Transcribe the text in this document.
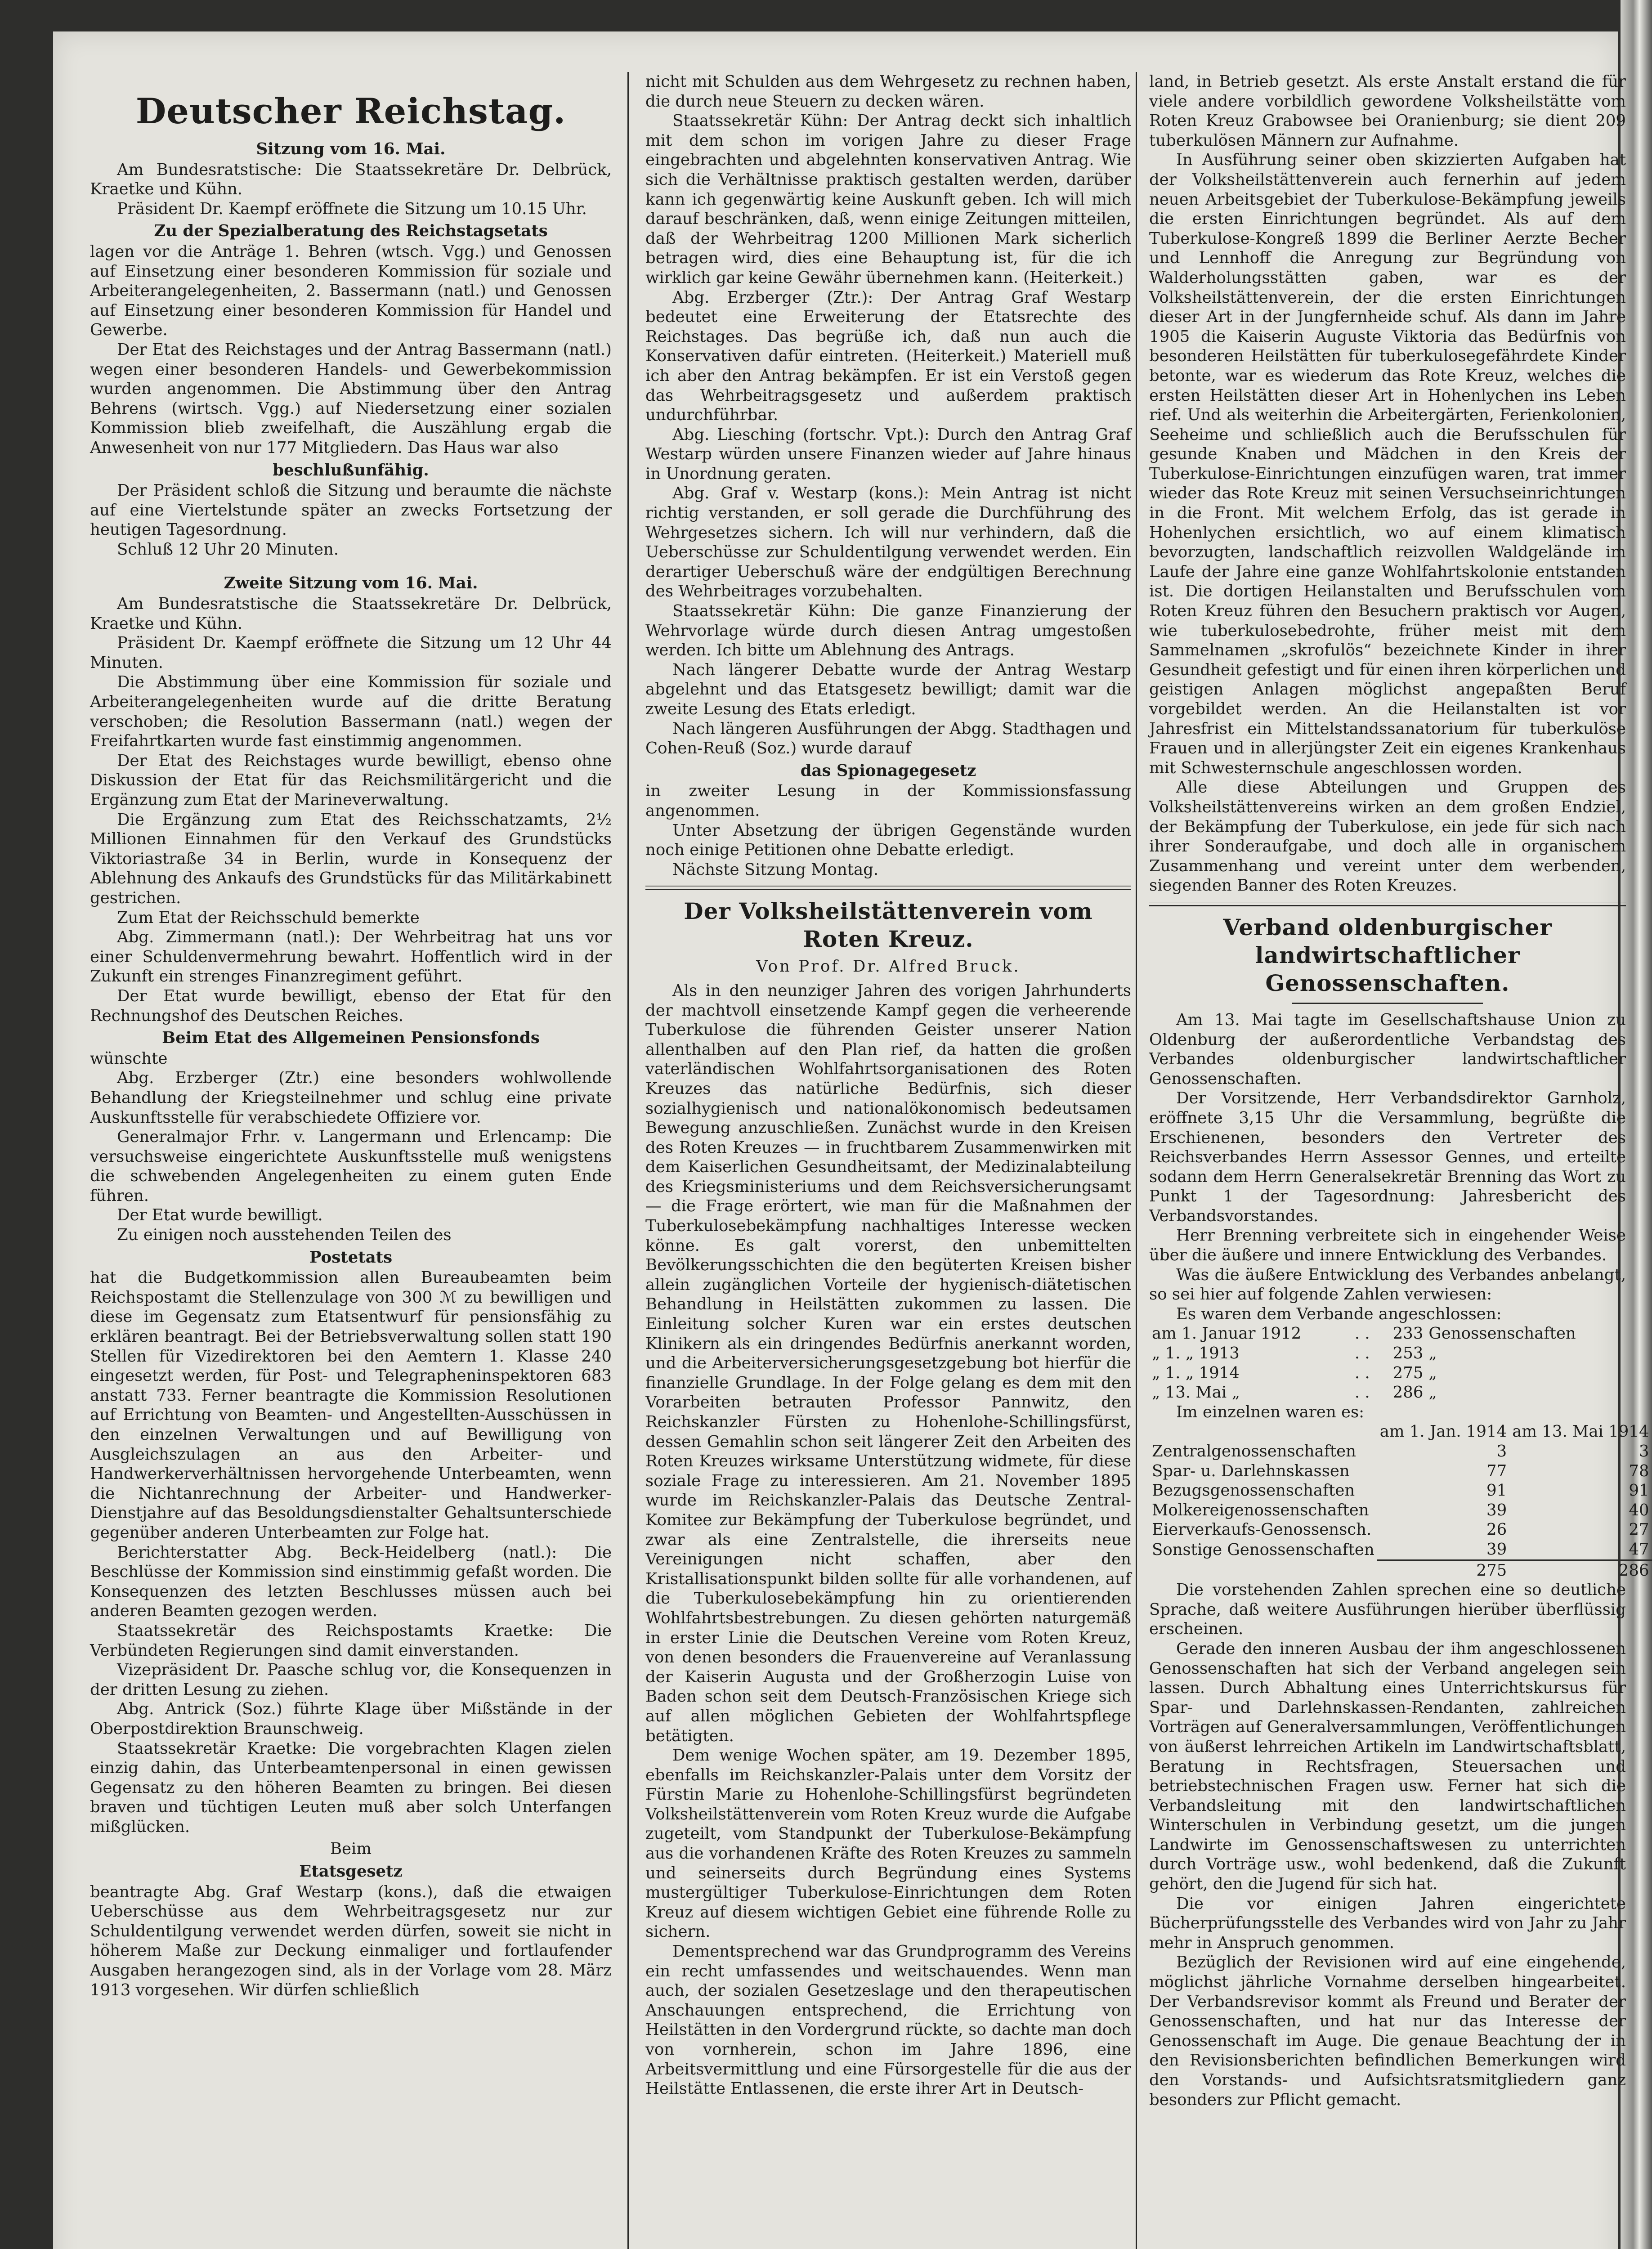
Deutscher Reichstag.

Sitzung vom 16. Mai.

Am Bundesratstische: Die Staatssekretäre Dr. Delbrück, Kraetke und Kühn.

Präsident Dr. Kaempf eröffnete die Sitzung um 10.15 Uhr.

Zu der Spezialberatung des Reichstagsetats

lagen vor die Anträge 1. Behren (wtsch. Vgg.) und Genossen auf Einsetzung einer besonderen Kommission für soziale und Arbeiterangelegenheiten, 2. Bassermann (natl.) und Genossen auf Einsetzung einer besonderen Kommission für Handel und Gewerbe.

Der Etat des Reichstages und der Antrag Bassermann (natl.) wegen einer besonderen Handels- und Gewerbekommission wurden angenommen. Die Abstimmung über den Antrag Behrens (wirtsch. Vgg.) auf Niedersetzung einer sozialen Kommission blieb zweifelhaft, die Auszählung ergab die Anwesenheit von nur 177 Mitgliedern. Das Haus war also

beschlußunfähig.

Der Präsident schloß die Sitzung und beraumte die nächste auf eine Viertelstunde später an zwecks Fortsetzung der heutigen Tagesordnung.

Schluß 12 Uhr 20 Minuten.

Zweite Sitzung vom 16. Mai.

Am Bundesratstische die Staatssekretäre Dr. Delbrück, Kraetke und Kühn.

Präsident Dr. Kaempf eröffnete die Sitzung um 12 Uhr 44 Minuten.

Die Abstimmung über eine Kommission für soziale und Arbeiterangelegenheiten wurde auf die dritte Beratung verschoben; die Resolution Bassermann (natl.) wegen der Freifahrtkarten wurde fast einstimmig angenommen.

Der Etat des Reichstages wurde bewilligt, ebenso ohne Diskussion der Etat für das Reichsmilitärgericht und die Ergänzung zum Etat der Marineverwaltung.

Die Ergänzung zum Etat des Reichsschatzamts, 2½ Millionen Einnahmen für den Verkauf des Grundstücks Viktoriastraße 34 in Berlin, wurde in Konsequenz der Ablehnung des Ankaufs des Grundstücks für das Militärkabinett gestrichen.

Zum Etat der Reichsschuld bemerkte

Abg. Zimmermann (natl.): Der Wehrbeitrag hat uns vor einer Schuldenvermehrung bewahrt. Hoffentlich wird in der Zukunft ein strenges Finanzregiment geführt.

Der Etat wurde bewilligt, ebenso der Etat für den Rechnungshof des Deutschen Reiches.

Beim Etat des Allgemeinen Pensionsfonds

wünschte

Abg. Erzberger (Ztr.) eine besonders wohlwollende Behandlung der Kriegsteilnehmer und schlug eine private Auskunftsstelle für verabschiedete Offiziere vor.

Generalmajor Frhr. v. Langermann und Erlencamp: Die versuchsweise eingerichtete Auskunftsstelle muß wenigstens die schwebenden Angelegenheiten zu einem guten Ende führen.

Der Etat wurde bewilligt.

Zu einigen noch ausstehenden Teilen des

Postetats

hat die Budgetkommission allen Bureaubeamten beim Reichspostamt die Stellenzulage von 300 ℳ zu bewilligen und diese im Gegensatz zum Etatsentwurf für pensionsfähig zu erklären beantragt. Bei der Betriebsverwaltung sollen statt 190 Stellen für Vizedirektoren bei den Aemtern 1. Klasse 240 eingesetzt werden, für Post- und Telegrapheninspektoren 683 anstatt 733. Ferner beantragte die Kommission Resolutionen auf Errichtung von Beamten- und Angestellten-Ausschüssen in den einzelnen Verwaltungen und auf Bewilligung von Ausgleichszulagen an aus den Arbeiter- und Handwerkerverhältnissen hervorgehende Unterbeamten, wenn die Nichtanrechnung der Arbeiter- und Handwerker-Dienstjahre auf das Besoldungsdienstalter Gehaltsunterschiede gegenüber anderen Unterbeamten zur Folge hat.

Berichterstatter Abg. Beck-Heidelberg (natl.): Die Beschlüsse der Kommission sind einstimmig gefaßt worden. Die Konsequenzen des letzten Beschlusses müssen auch bei anderen Beamten gezogen werden.

Staatssekretär des Reichspostamts Kraetke: Die Verbündeten Regierungen sind damit einverstanden.

Vizepräsident Dr. Paasche schlug vor, die Konsequenzen in der dritten Lesung zu ziehen.

Abg. Antrick (Soz.) führte Klage über Mißstände in der Oberpostdirektion Braunschweig.

Staatssekretär Kraetke: Die vorgebrachten Klagen zielen einzig dahin, das Unterbeamtenpersonal in einen gewissen Gegensatz zu den höheren Beamten zu bringen. Bei diesen braven und tüchtigen Leuten muß aber solch Unterfangen mißglücken.

Beim

Etatsgesetz

beantragte Abg. Graf Westarp (kons.), daß die etwaigen Ueberschüsse aus dem Wehrbeitragsgesetz nur zur Schuldentilgung verwendet werden dürfen, soweit sie nicht in höherem Maße zur Deckung einmaliger und fortlaufender Ausgaben herangezogen sind, als in der Vorlage vom 28. März 1913 vorgesehen. Wir dürfen schließlich

nicht mit Schulden aus dem Wehrgesetz zu rechnen haben, die durch neue Steuern zu decken wären.

Staatssekretär Kühn: Der Antrag deckt sich inhaltlich mit dem schon im vorigen Jahre zu dieser Frage eingebrachten und abgelehnten konservativen Antrag. Wie sich die Verhältnisse praktisch gestalten werden, darüber kann ich gegenwärtig keine Auskunft geben. Ich will mich darauf beschränken, daß, wenn einige Zeitungen mitteilen, daß der Wehrbeitrag 1200 Millionen Mark sicherlich betragen wird, dies eine Behauptung ist, für die ich wirklich gar keine Gewähr übernehmen kann. (Heiterkeit.)

Abg. Erzberger (Ztr.): Der Antrag Graf Westarp bedeutet eine Erweiterung der Etatsrechte des Reichstages. Das begrüße ich, daß nun auch die Konservativen dafür eintreten. (Heiterkeit.) Materiell muß ich aber den Antrag bekämpfen. Er ist ein Verstoß gegen das Wehrbeitragsgesetz und außerdem praktisch undurchführbar.

Abg. Liesching (fortschr. Vpt.): Durch den Antrag Graf Westarp würden unsere Finanzen wieder auf Jahre hinaus in Unordnung geraten.

Abg. Graf v. Westarp (kons.): Mein Antrag ist nicht richtig verstanden, er soll gerade die Durchführung des Wehrgesetzes sichern. Ich will nur verhindern, daß die Ueberschüsse zur Schuldentilgung verwendet werden. Ein derartiger Ueberschuß wäre der endgültigen Berechnung des Wehrbeitrages vorzubehalten.

Staatssekretär Kühn: Die ganze Finanzierung der Wehrvorlage würde durch diesen Antrag umgestoßen werden. Ich bitte um Ablehnung des Antrags.

Nach längerer Debatte wurde der Antrag Westarp abgelehnt und das Etatsgesetz bewilligt; damit war die zweite Lesung des Etats erledigt.

Nach längeren Ausführungen der Abgg. Stadthagen und Cohen-Reuß (Soz.) wurde darauf

das Spionagegesetz

in zweiter Lesung in der Kommissionsfassung angenommen.

Unter Absetzung der übrigen Gegenstände wurden noch einige Petitionen ohne Debatte erledigt.

Nächste Sitzung Montag.

Der Volksheilstättenverein vom Roten Kreuz.

Von Prof. Dr. Alfred Bruck.

Als in den neunziger Jahren des vorigen Jahrhunderts der machtvoll einsetzende Kampf gegen die verheerende Tuberkulose die führenden Geister unserer Nation allenthalben auf den Plan rief, da hatten die großen vaterländischen Wohlfahrtsorganisationen des Roten Kreuzes das natürliche Bedürfnis, sich dieser sozialhygienisch und nationalökonomisch bedeutsamen Bewegung anzuschließen. Zunächst wurde in den Kreisen des Roten Kreuzes — in fruchtbarem Zusammenwirken mit dem Kaiserlichen Gesundheitsamt, der Medizinalabteilung des Kriegsministeriums und dem Reichsversicherungsamt — die Frage erörtert, wie man für die Maßnahmen der Tuberkulosebekämpfung nachhaltiges Interesse wecken könne. Es galt vorerst, den unbemittelten Bevölkerungsschichten die den begüterten Kreisen bisher allein zugänglichen Vorteile der hygienisch-diätetischen Behandlung in Heilstätten zukommen zu lassen. Die Einleitung solcher Kuren war ein erstes deutschen Klinikern als ein dringendes Bedürfnis anerkannt worden, und die Arbeiterversicherungsgesetzgebung bot hierfür die finanzielle Grundlage. In der Folge gelang es dem mit den Vorarbeiten betrauten Professor Pannwitz, den Reichskanzler Fürsten zu Hohenlohe-Schillingsfürst, dessen Gemahlin schon seit längerer Zeit den Arbeiten des Roten Kreuzes wirksame Unterstützung widmete, für diese soziale Frage zu interessieren. Am 21. November 1895 wurde im Reichskanzler-Palais das Deutsche Zentral-Komitee zur Bekämpfung der Tuberkulose begründet, und zwar als eine Zentralstelle, die ihrerseits neue Vereinigungen nicht schaffen, aber den Kristallisationspunkt bilden sollte für alle vorhandenen, auf die Tuberkulosebekämpfung hin zu orientierenden Wohlfahrtsbestrebungen. Zu diesen gehörten naturgemäß in erster Linie die Deutschen Vereine vom Roten Kreuz, von denen besonders die Frauenvereine auf Veranlassung der Kaiserin Augusta und der Großherzogin Luise von Baden schon seit dem Deutsch-Französischen Kriege sich auf allen möglichen Gebieten der Wohlfahrtspflege betätigten.

Dem wenige Wochen später, am 19. Dezember 1895, ebenfalls im Reichskanzler-Palais unter dem Vorsitz der Fürstin Marie zu Hohenlohe-Schillingsfürst begründeten Volksheilstättenverein vom Roten Kreuz wurde die Aufgabe zugeteilt, vom Standpunkt der Tuberkulose-Bekämpfung aus die vorhandenen Kräfte des Roten Kreuzes zu sammeln und seinerseits durch Begründung eines Systems mustergültiger Tuberkulose-Einrichtungen dem Roten Kreuz auf diesem wichtigen Gebiet eine führende Rolle zu sichern.

Dementsprechend war das Grundprogramm des Vereins ein recht umfassendes und weitschauendes. Wenn man auch, der sozialen Gesetzeslage und den therapeutischen Anschauungen entsprechend, die Errichtung von Heilstätten in den Vordergrund rückte, so dachte man doch von vornherein, schon im Jahre 1896, eine Arbeitsvermittlung und eine Fürsorgestelle für die aus der Heilstätte Entlassenen, die erste ihrer Art in Deutsch-

land, in Betrieb gesetzt. Als erste Anstalt erstand die für viele andere vorbildlich gewordene Volksheilstätte vom Roten Kreuz Grabowsee bei Oranienburg; sie dient 209 tuberkulösen Männern zur Aufnahme.

In Ausführung seiner oben skizzierten Aufgaben hat der Volksheilstättenverein auch fernerhin auf jedem neuen Arbeitsgebiet der Tuberkulose-Bekämpfung jeweils die ersten Einrichtungen begründet. Als auf dem Tuberkulose-Kongreß 1899 die Berliner Aerzte Becher und Lennhoff die Anregung zur Begründung von Walderholungsstätten gaben, war es der Volksheilstättenverein, der die ersten Einrichtungen dieser Art in der Jungfernheide schuf. Als dann im Jahre 1905 die Kaiserin Auguste Viktoria das Bedürfnis von besonderen Heilstätten für tuberkulosegefährdete Kinder betonte, war es wiederum das Rote Kreuz, welches die ersten Heilstätten dieser Art in Hohenlychen ins Leben rief. Und als weiterhin die Arbeitergärten, Ferienkolonien, Seeheime und schließlich auch die Berufsschulen für gesunde Knaben und Mädchen in den Kreis der Tuberkulose-Einrichtungen einzufügen waren, trat immer wieder das Rote Kreuz mit seinen Versuchseinrichtungen in die Front. Mit welchem Erfolg, das ist gerade in Hohenlychen ersichtlich, wo auf einem klimatisch bevorzugten, landschaftlich reizvollen Waldgelände im Laufe der Jahre eine ganze Wohlfahrtskolonie entstanden ist. Die dortigen Heilanstalten und Berufsschulen vom Roten Kreuz führen den Besuchern praktisch vor Augen, wie tuberkulosebedrohte, früher meist mit dem Sammelnamen „skrofulös“ bezeichnete Kinder in ihrer Gesundheit gefestigt und für einen ihren körperlichen und geistigen Anlagen möglichst angepaßten Beruf vorgebildet werden. An die Heilanstalten ist vor Jahresfrist ein Mittelstandssanatorium für tuberkulöse Frauen und in allerjüngster Zeit ein eigenes Krankenhaus mit Schwesternschule angeschlossen worden.

Alle diese Abteilungen und Gruppen des Volksheilstättenvereins wirken an dem großen Endziel, der Bekämpfung der Tuberkulose, ein jede für sich nach ihrer Sonderaufgabe, und doch alle in organischem Zusammenhang und vereint unter dem werbenden, siegenden Banner des Roten Kreuzes.

Verband oldenburgischer landwirtschaftlicher Genossenschaften.

Am 13. Mai tagte im Gesellschaftshause Union zu Oldenburg der außerordentliche Verbandstag des Verbandes oldenburgischer landwirtschaftlicher Genossenschaften.

Der Vorsitzende, Herr Verbandsdirektor Garnholz, eröffnete 3,15 Uhr die Versammlung, begrüßte die Erschienenen, besonders den Vertreter des Reichsverbandes Herrn Assessor Gennes, und erteilte sodann dem Herrn Generalsekretär Brenning das Wort zu Punkt 1 der Tagesordnung: Jahresbericht des Verbandsvorstandes.

Herr Brenning verbreitete sich in eingehender Weise über die äußere und innere Entwicklung des Verbandes.

Was die äußere Entwicklung des Verbandes anbelangt, so sei hier auf folgende Zahlen verwiesen:

Es waren dem Verbande angeschlossen:

am 1. Januar 1912	. .	233	Genossenschaften
„ 1. „ 1913	. .	253	„
„ 1. „ 1914	. .	275	„
„ 13. Mai „	. .	286	„

Im einzelnen waren es:

	am 1. Jan. 1914	am 13. Mai 1914
Zentralgenossenschaften	3	3
Spar- u. Darlehnskassen	77	78
Bezugsgenossenschaften	91	91
Molkereigenossenschaften	39	40
Eierverkaufs-Genossensch.	26	27
Sonstige Genossenschaften	39	47
	275	286

Die vorstehenden Zahlen sprechen eine so deutliche Sprache, daß weitere Ausführungen hierüber überflüssig erscheinen.

Gerade den inneren Ausbau der ihm angeschlossenen Genossenschaften hat sich der Verband angelegen sein lassen. Durch Abhaltung eines Unterrichtskursus für Spar- und Darlehnskassen-Rendanten, zahlreichen Vorträgen auf Generalversammlungen, Veröffentlichungen von äußerst lehrreichen Artikeln im Landwirtschaftsblatt, Beratung in Rechtsfragen, Steuersachen und betriebstechnischen Fragen usw. Ferner hat sich die Verbandsleitung mit den landwirtschaftlichen Winterschulen in Verbindung gesetzt, um die jungen Landwirte im Genossenschaftswesen zu unterrichten durch Vorträge usw., wohl bedenkend, daß die Zukunft gehört, den die Jugend für sich hat.

Die vor einigen Jahren eingerichtete Bücherprüfungsstelle des Verbandes wird von Jahr zu Jahr mehr in Anspruch genommen.

Bezüglich der Revisionen wird auf eine eingehende, möglichst jährliche Vornahme derselben hingearbeitet. Der Verbandsrevisor kommt als Freund und Berater der Genossenschaften, und hat nur das Interesse der Genossenschaft im Auge. Die genaue Beachtung der in den Revisionsberichten befindlichen Bemerkungen wird den Vorstands- und Aufsichtsratsmitgliedern ganz besonders zur Pflicht gemacht.
